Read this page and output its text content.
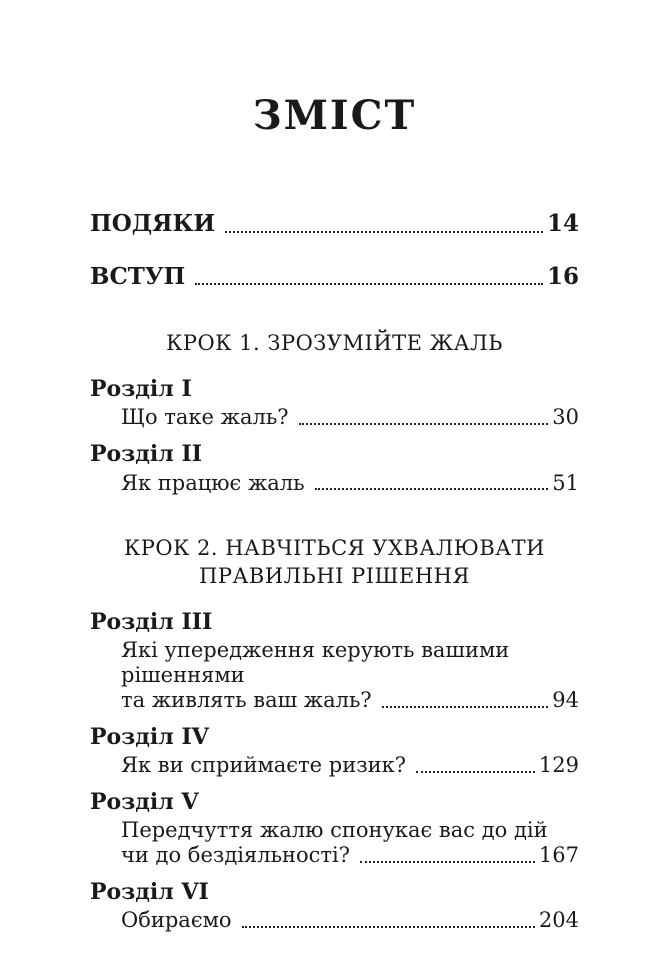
ЗМІСТ
ПОДЯКИ	14
ВСТУП	16
КРОК 1. ЗРОЗУМІЙТЕ ЖАЛЬ
Розділ I
Що таке жаль?	30
Розділ II
Як працює жаль	51
КРОК 2. НАВЧІТЬСЯ УХВАЛЮВАТИ
ПРАВИЛЬНІ РІШЕННЯ
Розділ III
Які упередження керують вашими рішеннями
та живлять ваш жаль?	94
Розділ IV
Як ви сприймаєте ризик?	129
Розділ V
Передчуття жалю спонукає вас до дій
чи до бездіяльності?	167
Розділ VI
Обираємо	204
